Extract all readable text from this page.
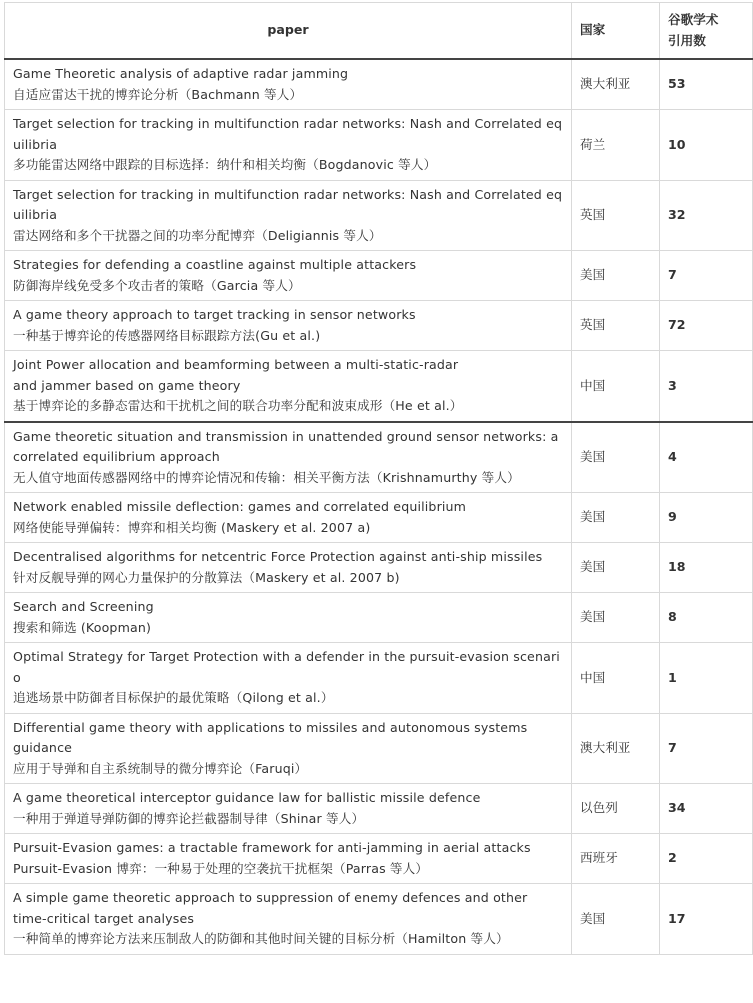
paper	国家	谷歌学术
引用数

Game Theoretic analysis of adaptive radar jamming
自适应雷达干扰的博弈论分析（Bachmann 等人）	澳大利亚	53

Target selection for tracking in multifunction radar networks: Nash and Correlated equilibria
多功能雷达网络中跟踪的目标选择：纳什和相关均衡（Bogdanovic 等人）	荷兰	10

Target selection for tracking in multifunction radar networks: Nash and Correlated equilibria
雷达网络和多个干扰器之间的功率分配博弈（Deligiannis 等人）	英国	32

Strategies for defending a coastline against multiple attackers
防御海岸线免受多个攻击者的策略（Garcia 等人）	美国	7

A game theory approach to target tracking in sensor networks
一种基于博弈论的传感器网络目标跟踪方法(Gu et al.)	英国	72

Joint Power allocation and beamforming between a multi-static-radar
and jammer based on game theory
基于博弈论的多静态雷达和干扰机之间的联合功率分配和波束成形（He et al.）	中国	3

Game theoretic situation and transmission in unattended ground sensor networks: a correlated equilibrium approach
无人值守地面传感器网络中的博弈论情况和传输：相关平衡方法（Krishnamurthy 等人）	美国	4

Network enabled missile deflection: games and correlated equilibrium
网络使能导弹偏转：博弈和相关均衡 (Maskery et al. 2007 a)	美国	9

Decentralised algorithms for netcentric Force Protection against anti-ship missiles
针对反舰导弹的网心力量保护的分散算法（Maskery et al. 2007 b)	美国	18

Search and Screening
搜索和筛选 (Koopman)	美国	8

Optimal Strategy for Target Protection with a defender in the pursuit-evasion scenario
追逃场景中防御者目标保护的最优策略（Qilong et al.）	中国	1

Differential game theory with applications to missiles and autonomous systems
guidance
应用于导弹和自主系统制导的微分博弈论（Faruqi）	澳大利亚	7

A game theoretical interceptor guidance law for ballistic missile defence
一种用于弹道导弹防御的博弈论拦截器制导律（Shinar 等人）	以色列	34

Pursuit-Evasion games: a tractable framework for anti-jamming in aerial attacks
Pursuit-Evasion 博弈：一种易于处理的空袭抗干扰框架（Parras 等人）	西班牙	2

A simple game theoretic approach to suppression of enemy defences and other
time-critical target analyses
一种简单的博弈论方法来压制敌人的防御和其他时间关键的目标分析（Hamilton 等人）	美国	17
